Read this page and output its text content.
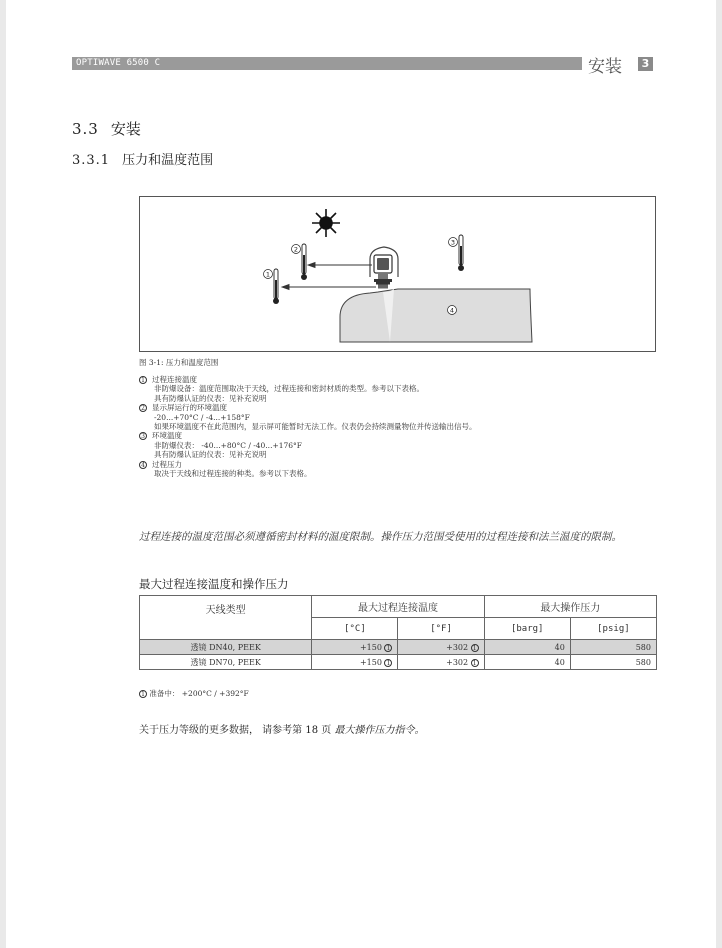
OPTIWAVE 6500 C	安装	3
3.3 安装
3.3.1 压力和温度范围
2
1
3
4
图 3-1: 压力和温度范围
1 过程连接温度
非防爆设备：温度范围取决于天线，过程连接和密封材质的类型。参考以下表格。
具有防爆认证的仪表：见补充说明
2 显示屏运行的环境温度
-20...+70°C / -4...+158°F
如果环境温度不在此范围内，显示屏可能暂时无法工作。仪表仍会持续测量物位并传送输出信号。
3 环境温度
非防爆仪表： -40...+80°C / -40...+176°F
具有防爆认证的仪表：见补充说明
4 过程压力
取决于天线和过程连接的种类。参考以下表格。
过程连接的温度范围必须遵循密封材料的温度限制。操作压力范围受使用的过程连接和法兰温度的限制。
最大过程连接温度和操作压力
天线类型	最大过程连接温度		最大操作压力	
	[°C]	[°F]	[barg]	[psig]
透镜 DN40, PEEK	+150 1	+302 1	40	580
透镜 DN70, PEEK	+150 1	+302 1	40	580
1 准备中： +200°C / +392°F
关于压力等级的更多数据， 请参考第 18 页 最大操作压力指令。
